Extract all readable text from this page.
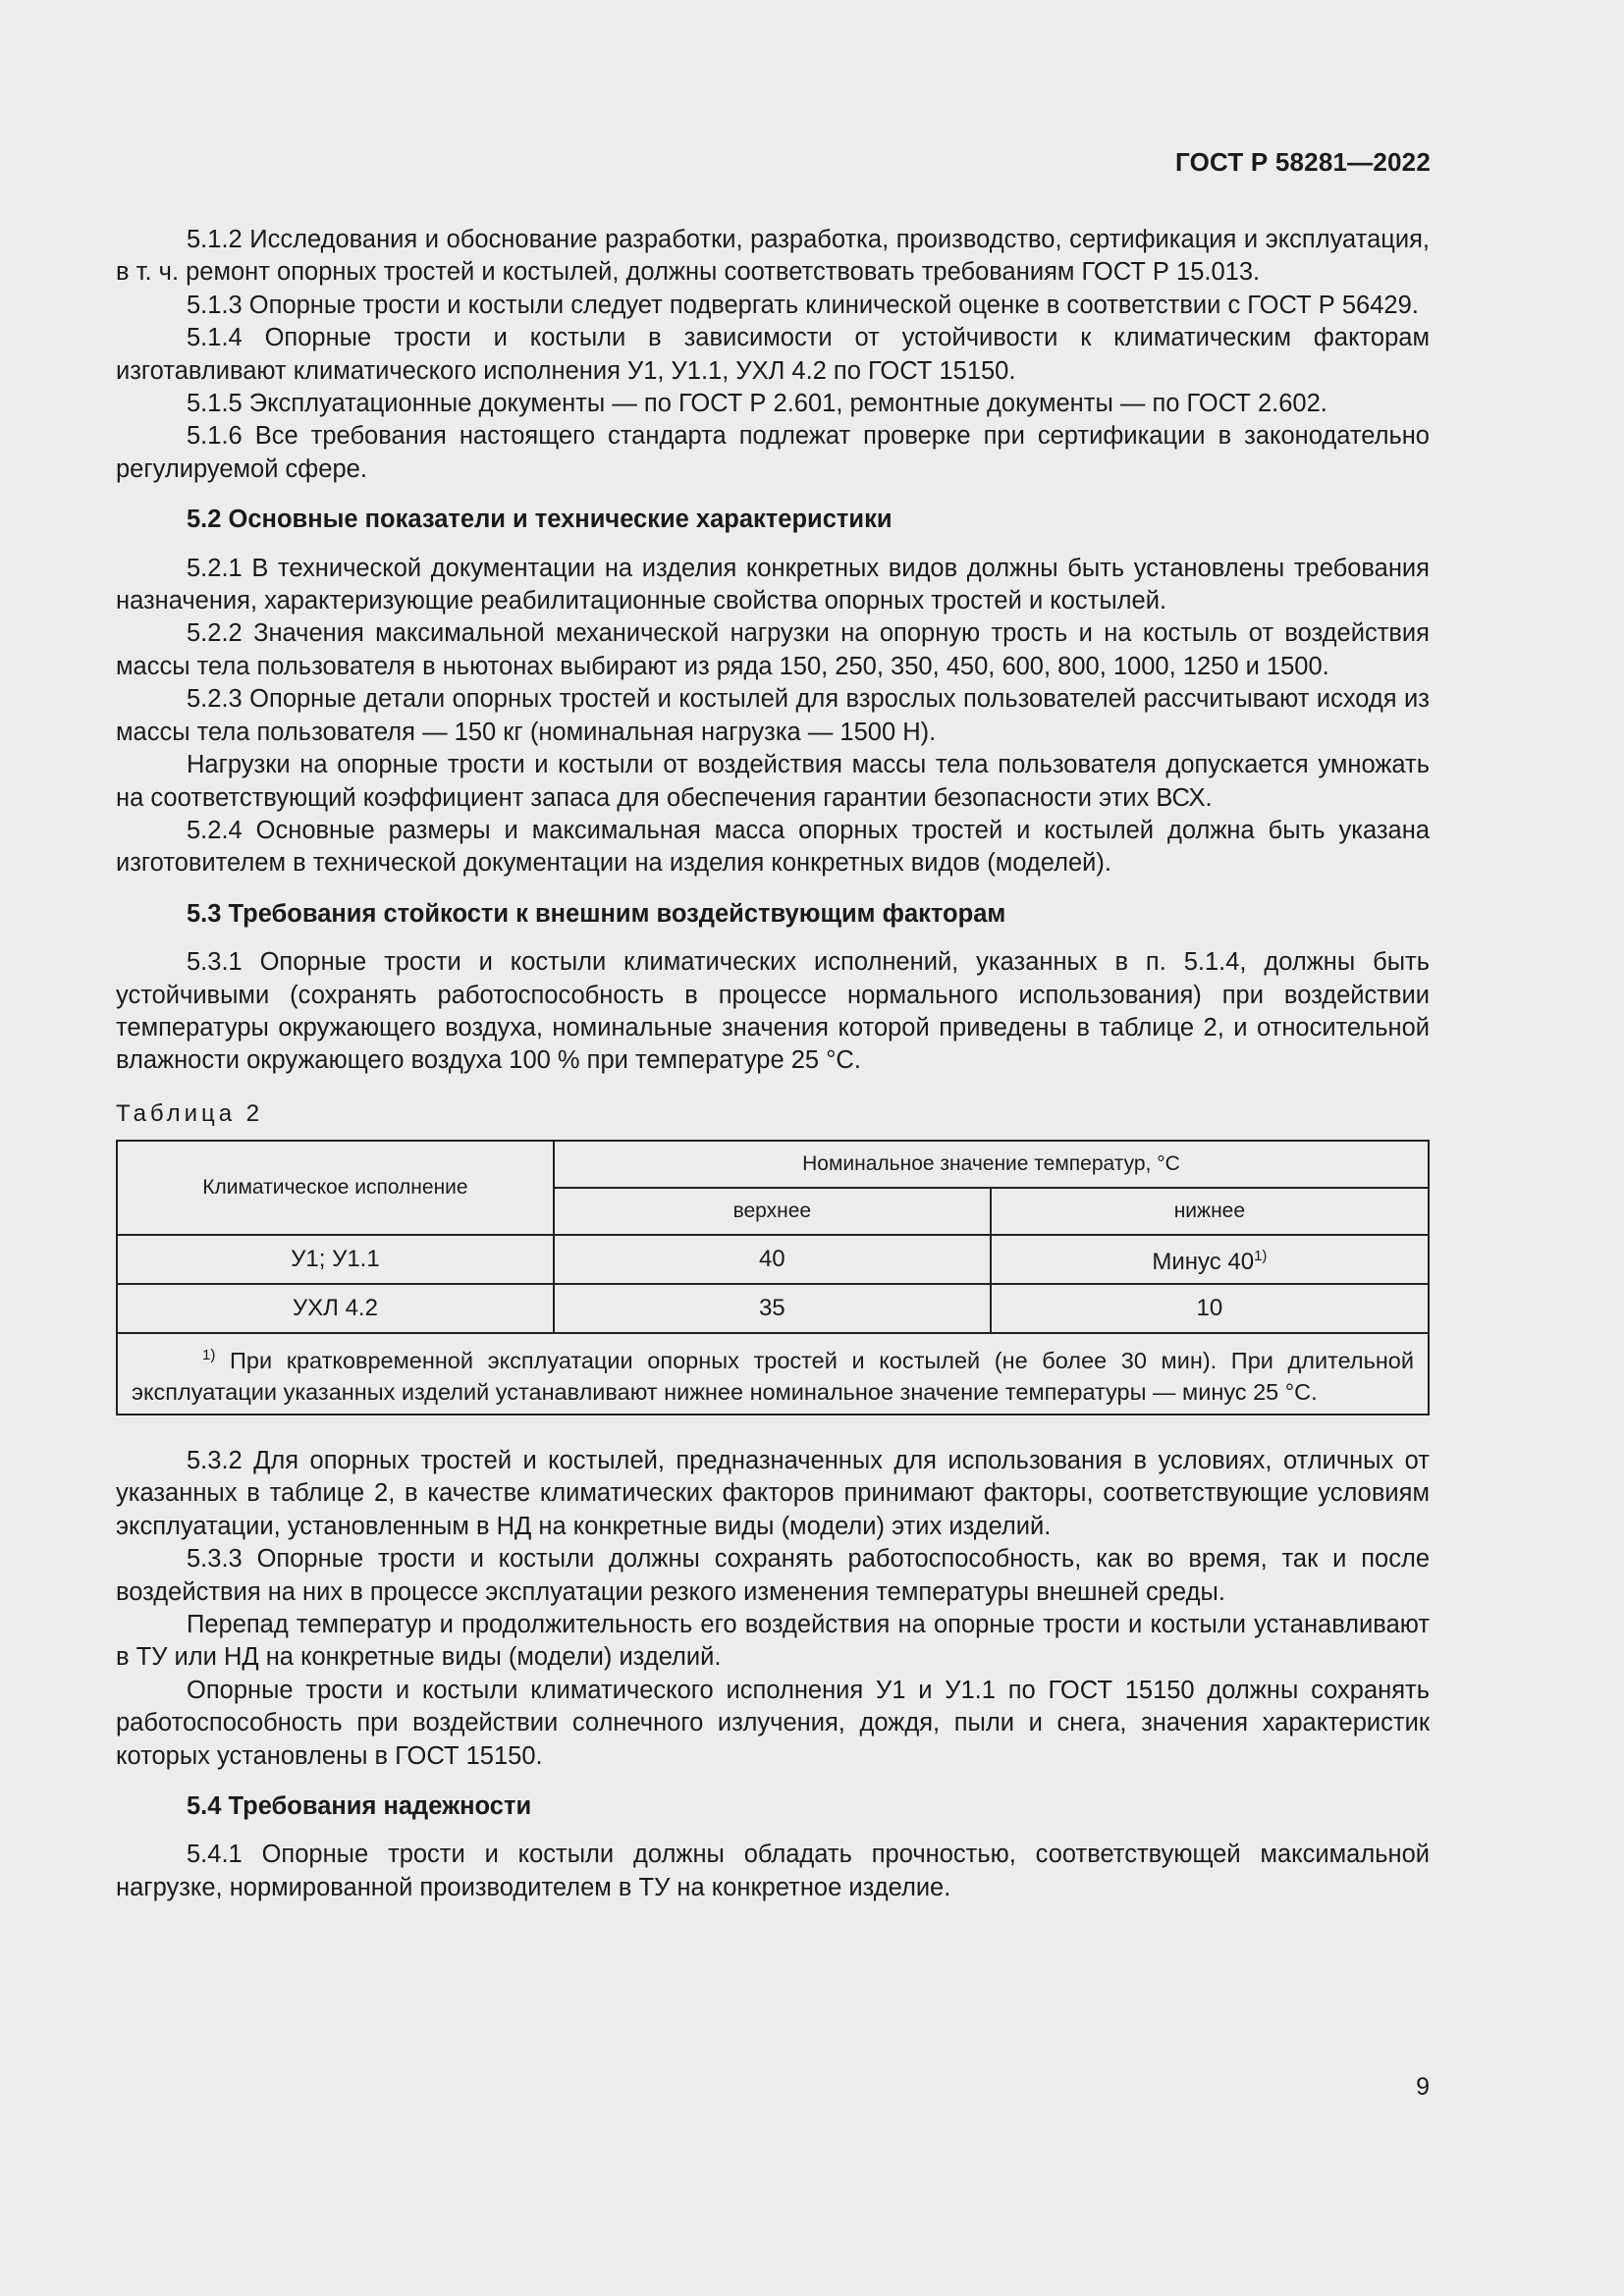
ГОСТ Р 58281—2022

5.1.2 Исследования и обоснование разработки, разработка, производство, сертификация и эксплуатация, в т. ч. ремонт опорных тростей и костылей, должны соответствовать требованиям ГОСТ Р 15.013.

5.1.3 Опорные трости и костыли следует подвергать клинической оценке в соответствии с ГОСТ Р 56429.

5.1.4 Опорные трости и костыли в зависимости от устойчивости к климатическим факторам изготавливают климатического исполнения У1, У1.1, УХЛ 4.2 по ГОСТ 15150.

5.1.5 Эксплуатационные документы — по ГОСТ Р 2.601, ремонтные документы — по ГОСТ 2.602.

5.1.6 Все требования настоящего стандарта подлежат проверке при сертификации в законодательно регулируемой сфере.

5.2 Основные показатели и технические характеристики

5.2.1 В технической документации на изделия конкретных видов должны быть установлены требования назначения, характеризующие реабилитационные свойства опорных тростей и костылей.

5.2.2 Значения максимальной механической нагрузки на опорную трость и на костыль от воздействия массы тела пользователя в ньютонах выбирают из ряда 150, 250, 350, 450, 600, 800, 1000, 1250 и 1500.

5.2.3 Опорные детали опорных тростей и костылей для взрослых пользователей рассчитывают исходя из массы тела пользователя — 150 кг (номинальная нагрузка — 1500 Н).

Нагрузки на опорные трости и костыли от воздействия массы тела пользователя допускается умножать на соответствующий коэффициент запаса для обеспечения гарантии безопасности этих ВСХ.

5.2.4 Основные размеры и максимальная масса опорных тростей и костылей должна быть указана изготовителем в технической документации на изделия конкретных видов (моделей).

5.3 Требования стойкости к внешним воздействующим факторам

5.3.1 Опорные трости и костыли климатических исполнений, указанных в п. 5.1.4, должны быть устойчивыми (сохранять работоспособность в процессе нормального использования) при воздействии температуры окружающего воздуха, номинальные значения которой приведены в таблице 2, и относительной влажности окружающего воздуха 100 % при температуре 25 °C.

Таблица 2
Климатическое исполнение	Номинальное значение температур, °C	
	верхнее	нижнее
У1; У1.1	40	Минус 40$^{1)}$
УХЛ 4.2	35	10

$^{1)}$ При кратковременной эксплуатации опорных тростей и костылей (не более 30 мин). При длительной эксплуатации указанных изделий устанавливают нижнее номинальное значение температуры — минус 25 °C.		

5.3.2 Для опорных тростей и костылей, предназначенных для использования в условиях, отличных от указанных в таблице 2, в качестве климатических факторов принимают факторы, соответствующие условиям эксплуатации, установленным в НД на конкретные виды (модели) этих изделий.

5.3.3 Опорные трости и костыли должны сохранять работоспособность, как во время, так и после воздействия на них в процессе эксплуатации резкого изменения температуры внешней среды.

Перепад температур и продолжительность его воздействия на опорные трости и костыли устанавливают в ТУ или НД на конкретные виды (модели) изделий.

Опорные трости и костыли климатического исполнения У1 и У1.1 по ГОСТ 15150 должны сохранять работоспособность при воздействии солнечного излучения, дождя, пыли и снега, значения характеристик которых установлены в ГОСТ 15150.

5.4 Требования надежности

5.4.1 Опорные трости и костыли должны обладать прочностью, соответствующей максимальной нагрузке, нормированной производителем в ТУ на конкретное изделие.

9
